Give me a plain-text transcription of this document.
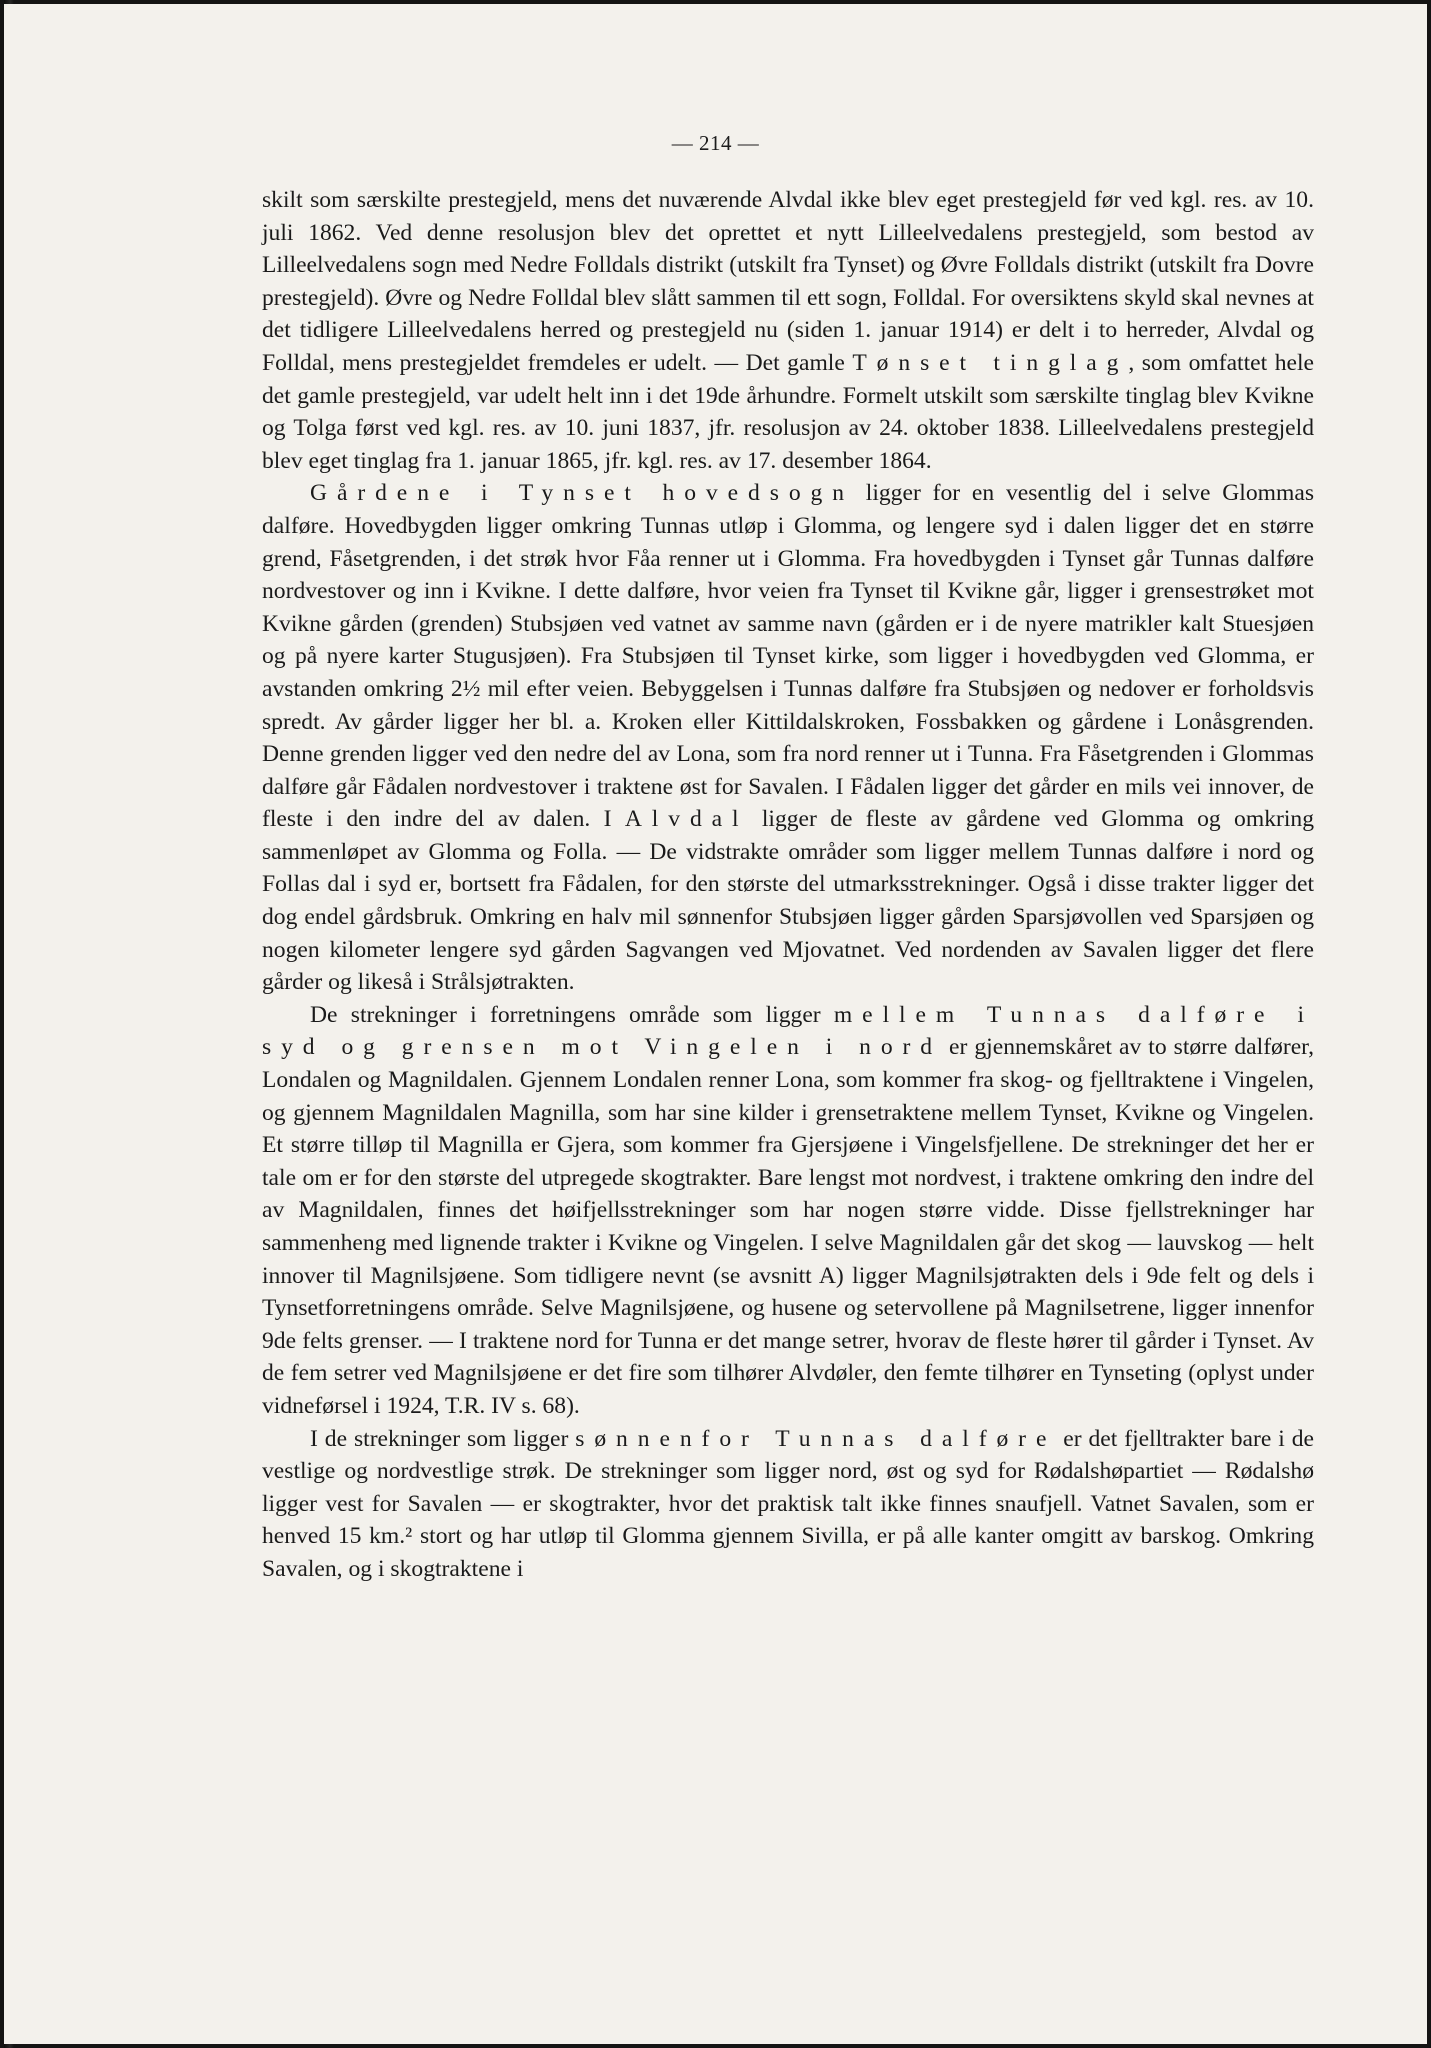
— 214 —

skilt som særskilte prestegjeld, mens det nuværende Alvdal ikke blev eget prestegjeld før ved kgl. res. av 10. juli 1862. Ved denne resolusjon blev det oprettet et nytt Lilleelvedalens prestegjeld, som bestod av Lilleelvedalens sogn med Nedre Folldals distrikt (utskilt fra Tynset) og Øvre Folldals distrikt (utskilt fra Dovre prestegjeld). Øvre og Nedre Folldal blev slått sammen til ett sogn, Folldal. For oversiktens skyld skal nevnes at det tidligere Lilleelvedalens herred og prestegjeld nu (siden 1. januar 1914) er delt i to herreder, Alvdal og Folldal, mens prestegjeldet fremdeles er udelt. — Det gamle Tønset tinglag, som omfattet hele det gamle prestegjeld, var udelt helt inn i det 19de århundre. Formelt utskilt som særskilte tinglag blev Kvikne og Tolga først ved kgl. res. av 10. juni 1837, jfr. resolusjon av 24. oktober 1838. Lilleelvedalens prestegjeld blev eget tinglag fra 1. januar 1865, jfr. kgl. res. av 17. desember 1864.

Gårdene i Tynset hovedsogn ligger for en vesentlig del i selve Glommas dalføre. Hovedbygden ligger omkring Tunnas utløp i Glomma, og lengere syd i dalen ligger det en større grend, Fåsetgrenden, i det strøk hvor Fåa renner ut i Glomma. Fra hovedbygden i Tynset går Tunnas dalføre nordvestover og inn i Kvikne. I dette dalføre, hvor veien fra Tynset til Kvikne går, ligger i grensestrøket mot Kvikne gården (grenden) Stubsjøen ved vatnet av samme navn (gården er i de nyere matrikler kalt Stuesjøen og på nyere karter Stugusjøen). Fra Stubsjøen til Tynset kirke, som ligger i hovedbygden ved Glomma, er avstanden omkring 2½ mil efter veien. Bebyggelsen i Tunnas dalføre fra Stubsjøen og nedover er forholdsvis spredt. Av gårder ligger her bl. a. Kroken eller Kittildalskroken, Fossbakken og gårdene i Lonåsgrenden. Denne grenden ligger ved den nedre del av Lona, som fra nord renner ut i Tunna. Fra Fåsetgrenden i Glommas dalføre går Fådalen nordvestover i traktene øst for Savalen. I Fådalen ligger det gårder en mils vei innover, de fleste i den indre del av dalen. I Alvdal ligger de fleste av gårdene ved Glomma og omkring sammenløpet av Glomma og Folla. — De vidstrakte områder som ligger mellem Tunnas dalføre i nord og Follas dal i syd er, bortsett fra Fådalen, for den største del utmarksstrekninger. Også i disse trakter ligger det dog endel gårdsbruk. Omkring en halv mil sønnenfor Stubsjøen ligger gården Sparsjøvollen ved Sparsjøen og nogen kilometer lengere syd gården Sagvangen ved Mjovatnet. Ved nordenden av Savalen ligger det flere gårder og likeså i Strålsjøtrakten.

De strekninger i forretningens område som ligger mellem Tunnas dalføre i syd og grensen mot Vingelen i nord er gjennemskåret av to større dalfører, Londalen og Magnildalen. Gjennem Londalen renner Lona, som kommer fra skog- og fjelltraktene i Vingelen, og gjennem Magnildalen Magnilla, som har sine kilder i grensetraktene mellem Tynset, Kvikne og Vingelen. Et større tilløp til Magnilla er Gjera, som kommer fra Gjersjøene i Vingelsfjellene. De strekninger det her er tale om er for den største del utpregede skogtrakter. Bare lengst mot nordvest, i traktene omkring den indre del av Magnildalen, finnes det høifjellsstrekninger som har nogen større vidde. Disse fjellstrekninger har sammenheng med lignende trakter i Kvikne og Vingelen. I selve Magnildalen går det skog — lauvskog — helt innover til Magnilsjøene. Som tidligere nevnt (se avsnitt A) ligger Magnilsjøtrakten dels i 9de felt og dels i Tynsetforretningens område. Selve Magnilsjøene, og husene og setervollene på Magnilsetrene, ligger innenfor 9de felts grenser. — I traktene nord for Tunna er det mange setrer, hvorav de fleste hører til gårder i Tynset. Av de fem setrer ved Magnilsjøene er det fire som tilhører Alvdøler, den femte tilhører en Tynseting (oplyst under vidneførsel i 1924, T.R. IV s. 68).

I de strekninger som ligger sønnenfor Tunnas dalføre er det fjelltrakter bare i de vestlige og nordvestlige strøk. De strekninger som ligger nord, øst og syd for Rødalshøpartiet — Rødalshø ligger vest for Savalen — er skogtrakter, hvor det praktisk talt ikke finnes snaufjell. Vatnet Savalen, som er henved 15 km.² stort og har utløp til Glomma gjennem Sivilla, er på alle kanter omgitt av barskog. Omkring Savalen, og i skogtraktene i
